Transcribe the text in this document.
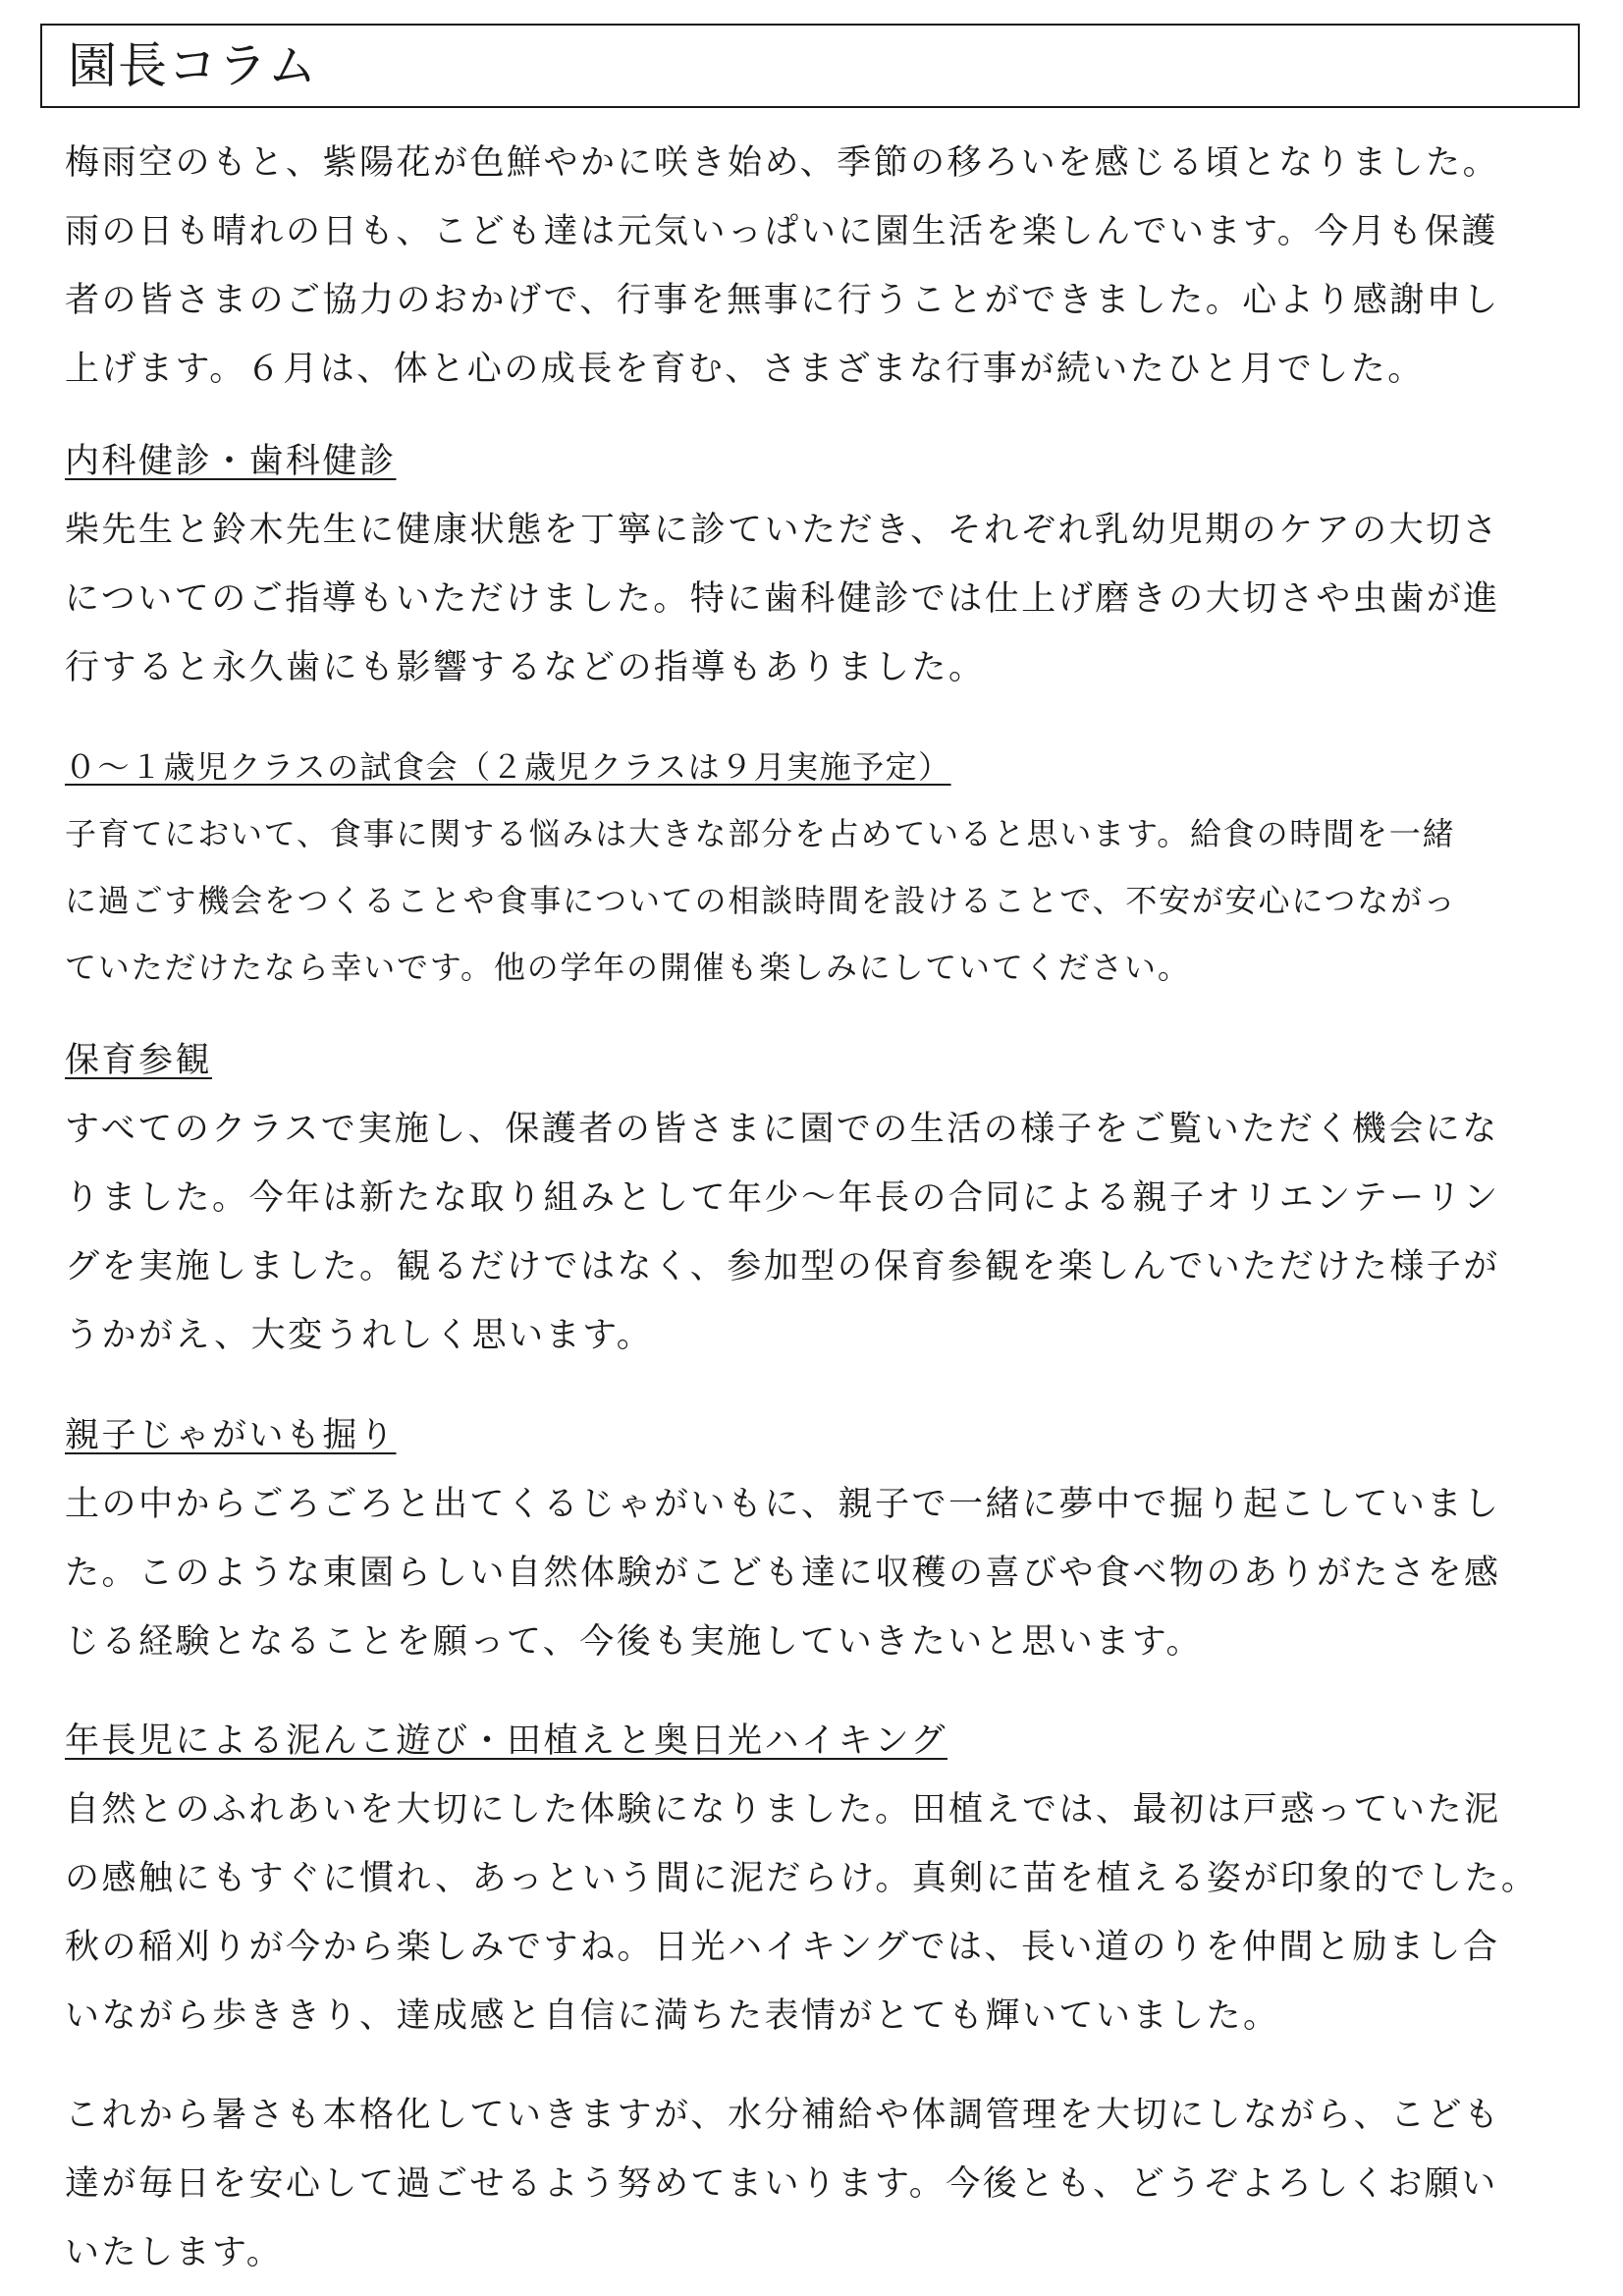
園長コラム

梅雨空のもと、紫陽花が色鮮やかに咲き始め、季節の移ろいを感じる頃となりました。

雨の日も晴れの日も、こども達は元気いっぱいに園生活を楽しんでいます。今月も保護

者の皆さまのご協力のおかげで、行事を無事に行うことができました。心より感謝申し

上げます。６月は、体と心の成長を育む、さまざまな行事が続いたひと月でした。

内科健診・歯科健診

柴先生と鈴木先生に健康状態を丁寧に診ていただき、それぞれ乳幼児期のケアの大切さ

についてのご指導もいただけました。特に歯科健診では仕上げ磨きの大切さや虫歯が進

行すると永久歯にも影響するなどの指導もありました。

０～１歳児クラスの試食会（２歳児クラスは９月実施予定）

子育てにおいて、食事に関する悩みは大きな部分を占めていると思います。給食の時間を一緒

に過ごす機会をつくることや食事についての相談時間を設けることで、不安が安心につながっ

ていただけたなら幸いです。他の学年の開催も楽しみにしていてください。

保育参観

すべてのクラスで実施し、保護者の皆さまに園での生活の様子をご覧いただく機会にな

りました。今年は新たな取り組みとして年少～年長の合同による親子オリエンテーリン

グを実施しました。観るだけではなく、参加型の保育参観を楽しんでいただけた様子が

うかがえ、大変うれしく思います。

親子じゃがいも掘り

土の中からごろごろと出てくるじゃがいもに、親子で一緒に夢中で掘り起こしていまし

た。このような東園らしい自然体験がこども達に収穫の喜びや食べ物のありがたさを感

じる経験となることを願って、今後も実施していきたいと思います。

年長児による泥んこ遊び・田植えと奥日光ハイキング

自然とのふれあいを大切にした体験になりました。田植えでは、最初は戸惑っていた泥

の感触にもすぐに慣れ、あっという間に泥だらけ。真剣に苗を植える姿が印象的でした。

秋の稲刈りが今から楽しみですね。日光ハイキングでは、長い道のりを仲間と励まし合

いながら歩ききり、達成感と自信に満ちた表情がとても輝いていました。

これから暑さも本格化していきますが、水分補給や体調管理を大切にしながら、こども

達が毎日を安心して過ごせるよう努めてまいります。今後とも、どうぞよろしくお願い

いたします。
